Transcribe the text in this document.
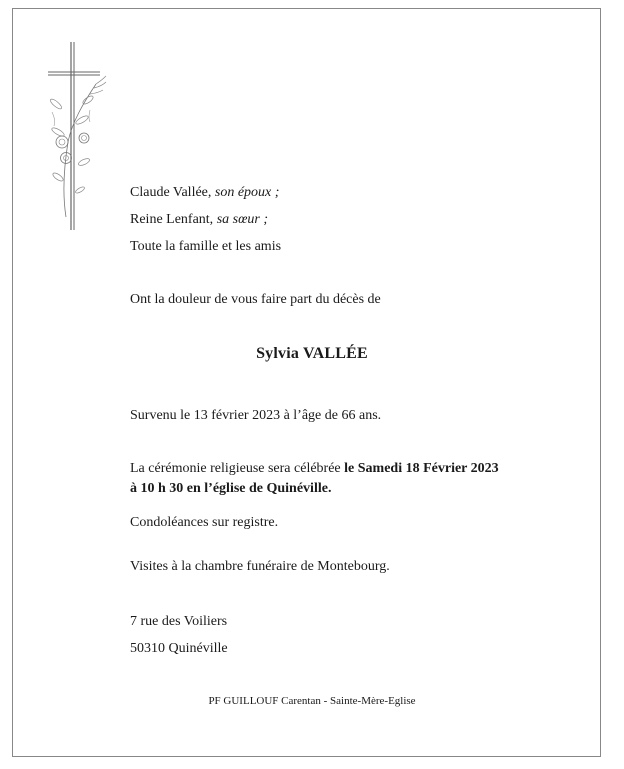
Claude Vallée, son époux ;
Reine Lenfant, sa sœur ;
Toute la famille et les amis
Ont la douleur de vous faire part du décès de
Sylvia VALLÉE
Survenu le 13 février 2023 à l’âge de 66 ans.
La cérémonie religieuse sera célébrée le Samedi 18 Février 2023
à 10 h 30 en l’église de Quinéville.
Condoléances sur registre.
Visites à la chambre funéraire de Montebourg.
7 rue des Voiliers
50310 Quinéville
PF GUILLOUF Carentan - Sainte-Mère-Eglise
